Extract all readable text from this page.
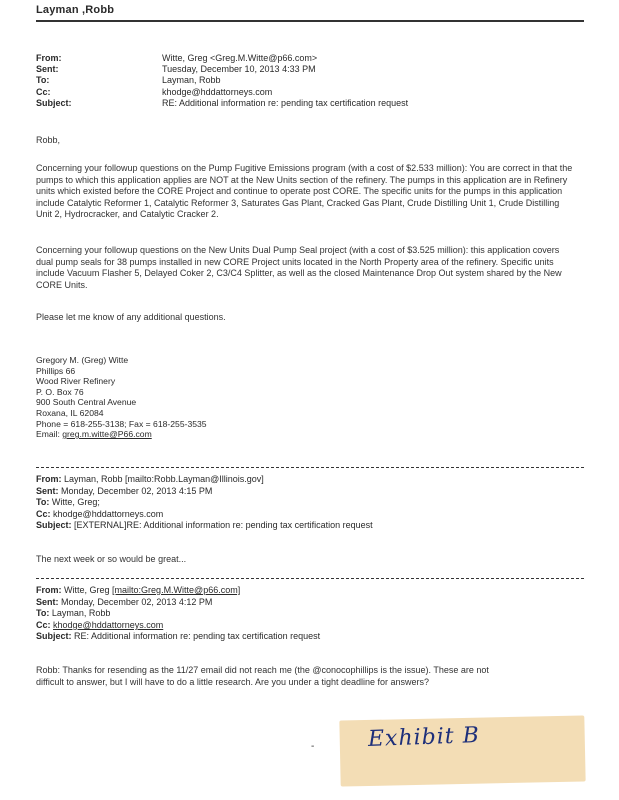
Layman ,Robb
From:	Witte, Greg <Greg.M.Witte@p66.com>
Sent:	Tuesday, December 10, 2013 4:33 PM
To:	Layman, Robb
Cc:	khodge@hddattorneys.com
Subject:	RE: Additional information re: pending tax certification request
Robb,
Concerning your followup questions on the Pump Fugitive Emissions program (with a cost of $2.533 million): You are correct in that the pumps to which this application applies are NOT at the New Units section of the refinery. The pumps in this application are in Refinery units which existed before the CORE Project and continue to operate post CORE. The specific units for the pumps in this application include Catalytic Reformer 1, Catalytic Reformer 3, Saturates Gas Plant, Cracked Gas Plant, Crude Distilling Unit 1, Crude Distilling Unit 2, Hydrocracker, and Catalytic Cracker 2.
Concerning your followup questions on the New Units Dual Pump Seal project (with a cost of $3.525 million): this application covers dual pump seals for 38 pumps installed in new CORE Project units located in the North Property area of the refinery. Specific units include Vacuum Flasher 5, Delayed Coker 2, C3/C4 Splitter, as well as the closed Maintenance Drop Out system shared by the New CORE Units.
Please let me know of any additional questions.
Gregory M. (Greg) Witte
Phillips 66
Wood River Refinery
P. O. Box 76
900 South Central Avenue
Roxana, IL 62084
Phone = 618-255-3138; Fax = 618-255-3535
Email: greg.m.witte@P66.com
From: Layman, Robb [mailto:Robb.Layman@Illinois.gov]
Sent: Monday, December 02, 2013 4:15 PM
To: Witte, Greg;
Cc: khodge@hddattorneys.com
Subject: [EXTERNAL]RE: Additional information re: pending tax certification request
The next week or so would be great...
From: Witte, Greg [mailto:Greg.M.Witte@p66.com]
Sent: Monday, December 02, 2013 4:12 PM
To: Layman, Robb
Cc: khodge@hddattorneys.com
Subject: RE: Additional information re: pending tax certification request
Robb: Thanks for resending as the 11/27 email did not reach me (the @conocophillips is the issue). These are not
difficult to answer, but I will have to do a little research. Are you under a tight deadline for answers?
- Exhibit B
